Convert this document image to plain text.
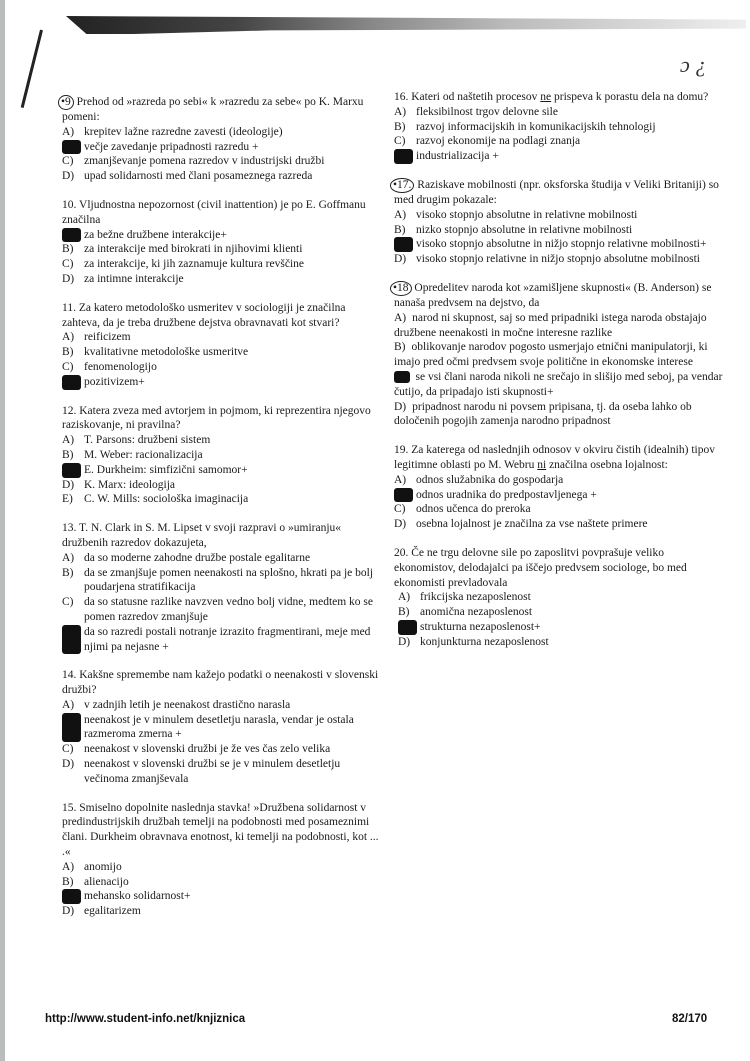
ɔ ¿

•9 Prehod od »razreda po sebi« k »razredu za sebe« po K. Marxu pomeni:

A) krepitev lažne razredne zavesti (ideologije)
B) večje zavedanje pripadnosti razredu +
C) zmanjševanje pomena razredov v industrijski družbi
D) upad solidarnosti med člani posameznega razreda

10. Vljudnostna nepozornost (civil inattention) je po E. Goffmanu značilna

A) za bežne družbene interakcije+
B) za interakcije med birokrati in njihovimi klienti
C) za interakcije, ki jih zaznamuje kultura revščine
D) za intimne interakcije

11. Za katero metodološko usmeritev v sociologiji je značilna zahteva, da je treba družbene dejstva obravnavati kot stvari?

A) reificizem
B) kvalitativne metodološke usmeritve
C) fenomenologijo
D) pozitivizem+

12. Katera zveza med avtorjem in pojmom, ki reprezentira njegovo raziskovanje, ni pravilna?

A) T. Parsons: družbeni sistem
B) M. Weber: racionalizacija
C) E. Durkheim: simfizični samomor+
D) K. Marx: ideologija
E) C. W. Mills: sociološka imaginacija

13. T. N. Clark in S. M. Lipset v svoji razpravi o »umiranju« družbenih razredov dokazujeta,

A) da so moderne zahodne družbe postale egalitarne
B) da se zmanjšuje pomen neenakosti na splošno, hkrati pa je bolj poudarjena stratifikacija
C) da so statusne razlike navzven vedno bolj vidne, medtem ko se pomen razredov zmanjšuje
D) da so razredi postali notranje izrazito fragmentirani, meje med njimi pa nejasne +

14. Kakšne spremembe nam kažejo podatki o neenakosti v slovenski družbi?

A) v zadnjih letih je neenakost drastično narasla
B) neenakost je v minulem desetletju narasla, vendar je ostala razmeroma zmerna +
C) neenakost v slovenski družbi je že ves čas zelo velika
D) neenakost v slovenski družbi se je v minulem desetletju večinoma zmanjševala

15. Smiselno dopolnite naslednja stavka! »Družbena solidarnost v predindustrijskih družbah temelji na podobnosti med posameznimi člani. Durkheim obravnava enotnost, ki temelji na podobnosti, kot ... .«

A) anomijo
B) alienacijo
C) mehansko solidarnost+
D) egalitarizem

16. Kateri od naštetih procesov ne prispeva k porastu dela na domu?

A) fleksibilnost trgov delovne sile
B) razvoj informacijskih in komunikacijskih tehnologij
C) razvoj ekonomije na podlagi znanja
D) industrializacija +

•17. Raziskave mobilnosti (npr. oksforska študija v Veliki Britaniji) so med drugim pokazale:

A) visoko stopnjo absolutne in relativne mobilnosti
B) nizko stopnjo absolutne in relativne mobilnosti
C) visoko stopnjo absolutne in nižjo stopnjo relativne mobilnosti+
D) visoko stopnjo relativne in nižjo stopnjo absolutne mobilnosti

•18 Opredelitev naroda kot »zamišljene skupnosti« (B. Anderson) se nanaša predvsem na dejstvo, da

A) narod ni skupnost, saj so med pripadniki istega naroda obstajajo družbene neenakosti in močne interesne razlike
B) oblikovanje narodov pogosto usmerjajo etnični manipulatorji, ki imajo pred očmi predvsem svoje politične in ekonomske interese
C) se vsi člani naroda nikoli ne srečajo in slišijo med seboj, pa vendar čutijo, da pripadajo isti skupnosti+
D) pripadnost narodu ni povsem pripisana, tj. da oseba lahko ob določenih pogojih zamenja narodno pripadnost

19. Za katerega od naslednjih odnosov v okviru čistih (idealnih) tipov legitimne oblasti po M. Webru ni značilna osebna lojalnost:

A) odnos služabnika do gospodarja
B) odnos uradnika do predpostavljenega +
C) odnos učenca do preroka
D) osebna lojalnost je značilna za vse naštete primere

20. Če ne trgu delovne sile po zaposlitvi povprašuje veliko ekonomistov, delodajalci pa iščejo predvsem sociologe, bo med ekonomisti prevladovala

A) frikcijska nezaposlenost
B) anomična nezaposlenost
C) strukturna nezaposlenost+
D) konjunkturna nezaposlenost
http://www.student-info.net/knjiznica	82/170
